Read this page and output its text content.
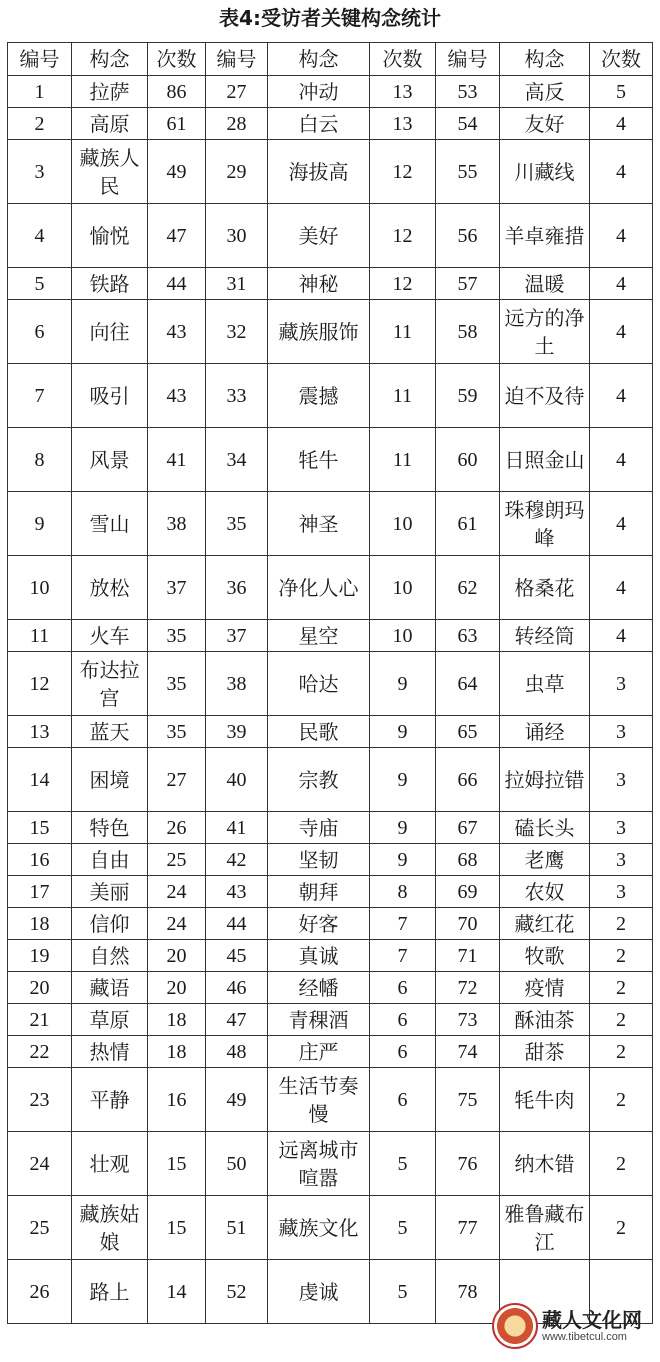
表4:受访者关键构念统计
编号	构念	次数	编号	构念	次数	编号	构念	次数
1	拉萨	86	27	冲动	13	53	高反	5
2	高原	61	28	白云	13	54	友好	4
3	藏族人民	49	29	海拔高	12	55	川藏线	4
4	愉悦	47	30	美好	12	56	羊卓雍措	4
5	铁路	44	31	神秘	12	57	温暖	4
6	向往	43	32	藏族服饰	11	58	远方的净土	4
7	吸引	43	33	震撼	11	59	迫不及待	4
8	风景	41	34	牦牛	11	60	日照金山	4
9	雪山	38	35	神圣	10	61	珠穆朗玛峰	4
10	放松	37	36	净化人心	10	62	格桑花	4
11	火车	35	37	星空	10	63	转经筒	4
12	布达拉宫	35	38	哈达	9	64	虫草	3
13	蓝天	35	39	民歌	9	65	诵经	3
14	困境	27	40	宗教	9	66	拉姆拉错	3
15	特色	26	41	寺庙	9	67	磕长头	3
16	自由	25	42	坚韧	9	68	老鹰	3
17	美丽	24	43	朝拜	8	69	农奴	3
18	信仰	24	44	好客	7	70	藏红花	2
19	自然	20	45	真诚	7	71	牧歌	2
20	藏语	20	46	经幡	6	72	疫情	2
21	草原	18	47	青稞酒	6	73	酥油茶	2
22	热情	18	48	庄严	6	74	甜茶	2
23	平静	16	49	生活节奏慢	6	75	牦牛肉	2
24	壮观	15	50	远离城市喧嚣	5	76	纳木错	2
25	藏族姑娘	15	51	藏族文化	5	77	雅鲁藏布江	2
26	路上	14	52	虔诚	5	78		
藏人文化网
www.tibetcul.com
